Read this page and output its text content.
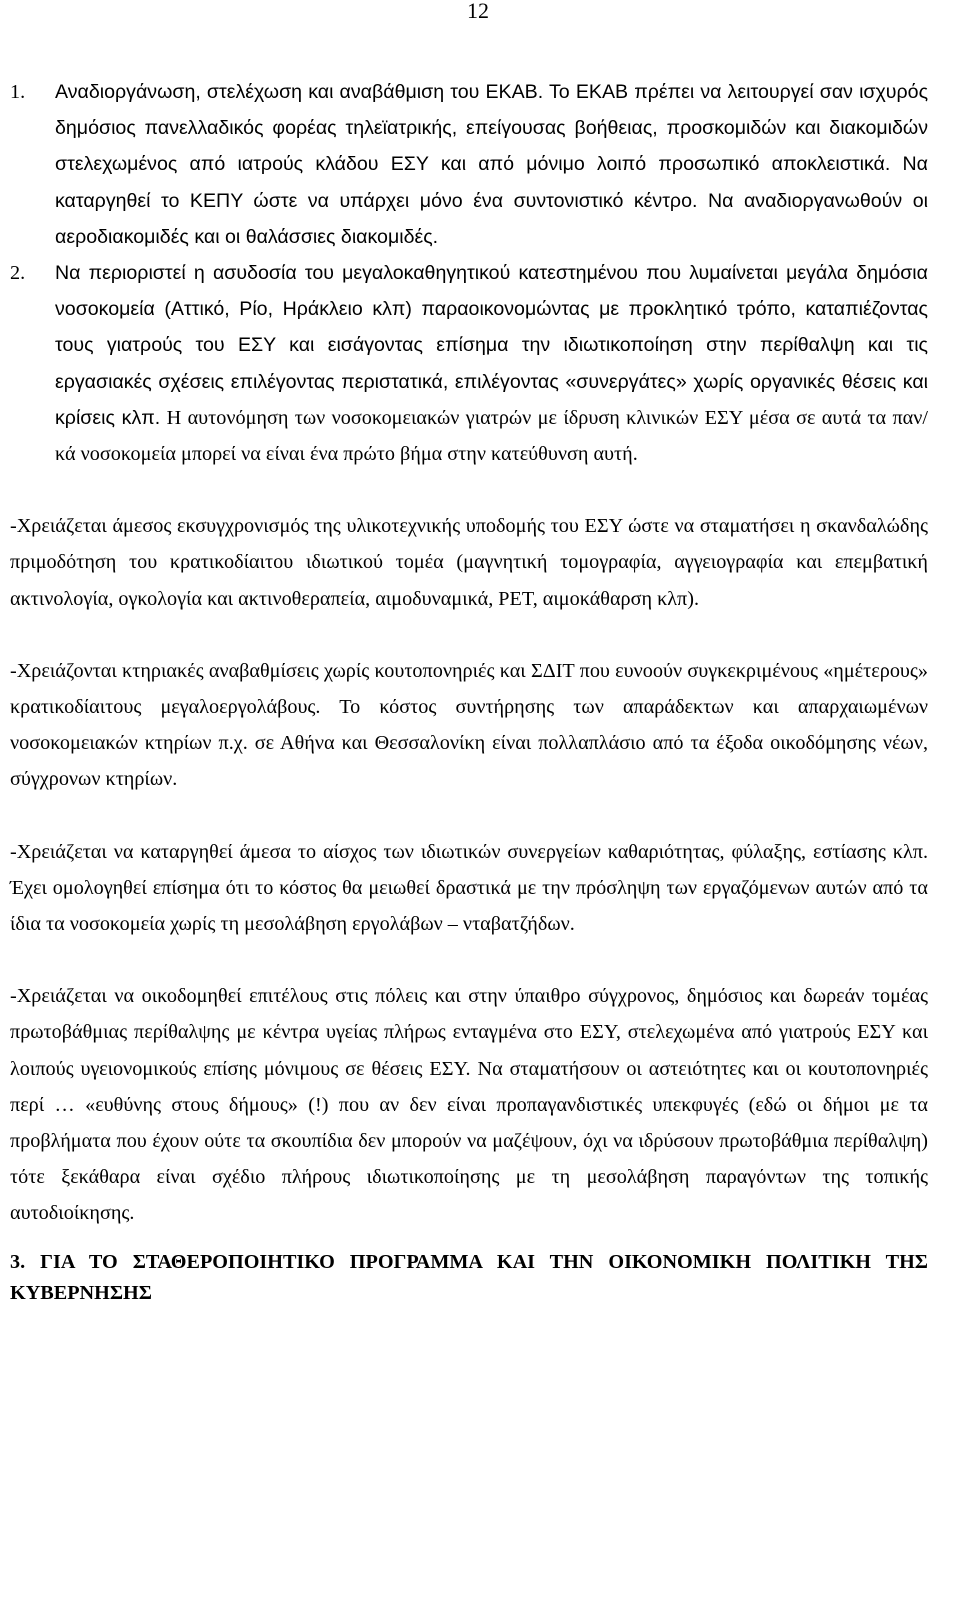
12
1.	Αναδιοργάνωση, στελέχωση και αναβάθμιση του ΕΚΑΒ. Το ΕΚΑΒ πρέπει να λειτουργεί σαν ισχυρός δημόσιος πανελλαδικός φορέας τηλεϊατρικής, επείγουσας βοήθειας, προσκομιδών και διακομιδών στελεχωμένος από ιατρούς κλάδου ΕΣΥ και από μόνιμο λοιπό προσωπικό αποκλειστικά. Να καταργηθεί το ΚΕΠΥ ώστε να υπάρχει μόνο ένα συντονιστικό κέντρο. Να αναδιοργανωθούν οι αεροδιακομιδές και οι θαλάσσιες διακομιδές.
2.	Να περιοριστεί η ασυδοσία του μεγαλοκαθηγητικού κατεστημένου που λυμαίνεται μεγάλα δημόσια νοσοκομεία (Αττικό, Ρίο, Ηράκλειο κλπ) παραοικονομώντας με προκλητικό τρόπο, καταπιέζοντας τους γιατρούς του ΕΣΥ και εισάγοντας επίσημα την ιδιωτικοποίηση στην περίθαλψη και τις εργασιακές σχέσεις επιλέγοντας περιστατικά, επιλέγοντας «συνεργάτες» χωρίς οργανικές θέσεις και κρίσεις κλπ. Η αυτονόμηση των νοσοκομειακών γιατρών με ίδρυση κλινικών ΕΣΥ μέσα σε αυτά τα παν/κά νοσοκομεία μπορεί να είναι ένα πρώτο βήμα στην κατεύθυνση αυτή.

-Χρειάζεται άμεσος εκσυγχρονισμός της υλικοτεχνικής υποδομής του ΕΣΥ ώστε να σταματήσει η σκανδαλώδης πριμοδότηση του κρατικοδίαιτου ιδιωτικού τομέα (μαγνητική τομογραφία, αγγειογραφία και επεμβατική ακτινολογία, ογκολογία και ακτινοθεραπεία, αιμοδυναμικά, PET, αιμοκάθαρση κλπ).

-Χρειάζονται κτηριακές αναβαθμίσεις χωρίς κουτοπονηριές και ΣΔΙΤ που ευνοούν συγκεκριμένους «ημέτερους» κρατικοδίαιτους μεγαλοεργολάβους. Το κόστος συντήρησης των απαράδεκτων και απαρχαιωμένων νοσοκομειακών κτηρίων π.χ. σε Αθήνα και Θεσσαλονίκη είναι πολλαπλάσιο από τα έξοδα οικοδόμησης νέων, σύγχρονων κτηρίων.

-Χρειάζεται να καταργηθεί άμεσα το αίσχος των ιδιωτικών συνεργείων καθαριότητας, φύλαξης, εστίασης κλπ. Έχει ομολογηθεί επίσημα ότι το κόστος θα μειωθεί δραστικά με την πρόσληψη των εργαζόμενων αυτών από τα ίδια τα νοσοκομεία χωρίς τη μεσολάβηση εργολάβων – νταβατζήδων.

-Χρειάζεται να οικοδομηθεί επιτέλους στις πόλεις και στην ύπαιθρο σύγχρονος, δημόσιος και δωρεάν τομέας πρωτοβάθμιας περίθαλψης με κέντρα υγείας πλήρως ενταγμένα στο ΕΣΥ, στελεχωμένα από γιατρούς ΕΣΥ και λοιπούς υγειονομικούς επίσης μόνιμους σε θέσεις ΕΣΥ. Να σταματήσουν οι αστειότητες και οι κουτοπονηριές περί … «ευθύνης στους δήμους» (!) που αν δεν είναι προπαγανδιστικές υπεκφυγές (εδώ οι δήμοι με τα προβλήματα που έχουν ούτε τα σκουπίδια δεν μπορούν να μαζέψουν, όχι να ιδρύσουν πρωτοβάθμια περίθαλψη) τότε ξεκάθαρα είναι σχέδιο πλήρους ιδιωτικοποίησης με τη μεσολάβηση παραγόντων της τοπικής αυτοδιοίκησης.

3. ΓΙΑ ΤΟ ΣΤΑΘΕΡΟΠΟΙΗΤΙΚΟ ΠΡΟΓΡΑΜΜΑ ΚΑΙ ΤΗΝ ΟΙΚΟΝΟΜΙΚΗ ΠΟΛΙΤΙΚΗ ΤΗΣ ΚΥΒΕΡΝΗΣΗΣ
